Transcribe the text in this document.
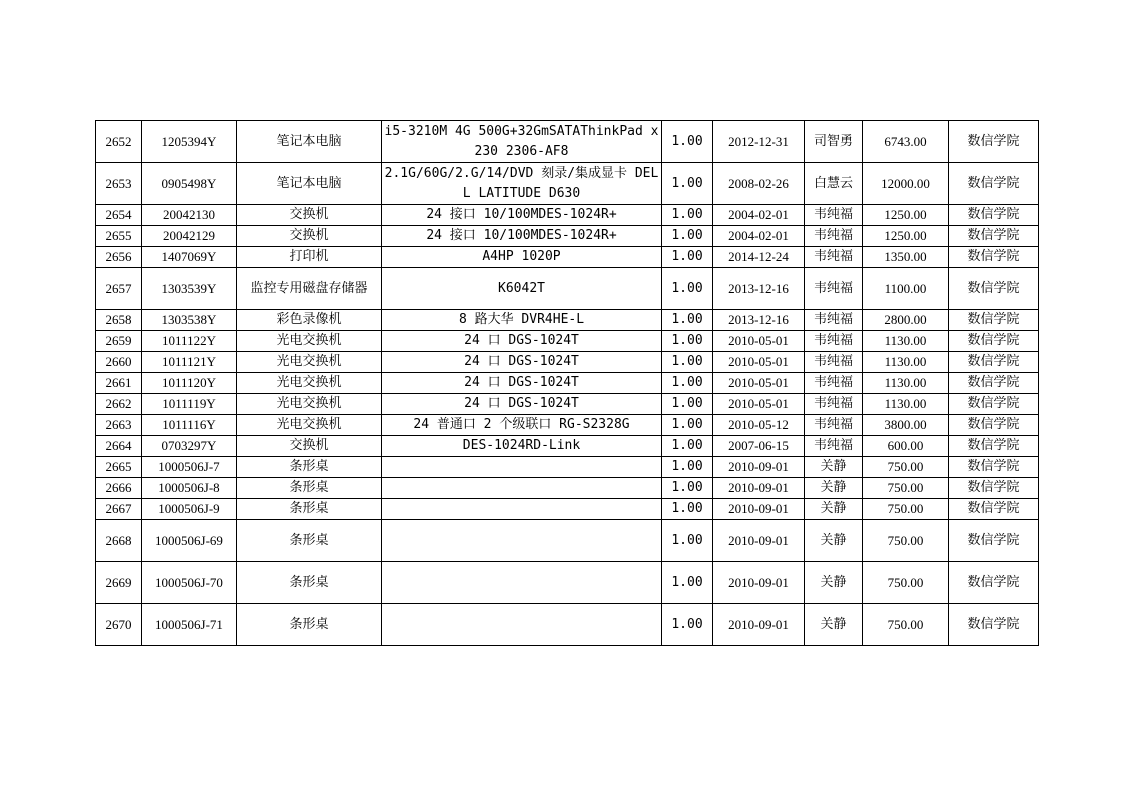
2652	1205394Y	笔记本电脑	i5-3210M 4G 500G+32GmSATAThinkPad x230 2306-AF8	1.00	2012-12-31	司智勇	6743.00	数信学院
2653	0905498Y	笔记本电脑	2.1G/60G/2.G/14/DVD 刻录/集成显卡 DELL LATITUDE D630	1.00	2008-02-26	白慧云	12000.00	数信学院
2654	20042130	交换机	24 接口 10/100MDES-1024R+	1.00	2004-02-01	韦纯福	1250.00	数信学院
2655	20042129	交换机	24 接口 10/100MDES-1024R+	1.00	2004-02-01	韦纯福	1250.00	数信学院
2656	1407069Y	打印机	A4HP 1020P	1.00	2014-12-24	韦纯福	1350.00	数信学院
2657	1303539Y	监控专用磁盘存储器	K6042T	1.00	2013-12-16	韦纯福	1100.00	数信学院
2658	1303538Y	彩色录像机	8 路大华 DVR4HE-L	1.00	2013-12-16	韦纯福	2800.00	数信学院
2659	1011122Y	光电交换机	24 口 DGS-1024T	1.00	2010-05-01	韦纯福	1130.00	数信学院
2660	1011121Y	光电交换机	24 口 DGS-1024T	1.00	2010-05-01	韦纯福	1130.00	数信学院
2661	1011120Y	光电交换机	24 口 DGS-1024T	1.00	2010-05-01	韦纯福	1130.00	数信学院
2662	1011119Y	光电交换机	24 口 DGS-1024T	1.00	2010-05-01	韦纯福	1130.00	数信学院
2663	1011116Y	光电交换机	24 普通口 2 个级联口 RG-S2328G	1.00	2010-05-12	韦纯福	3800.00	数信学院
2664	0703297Y	交换机	DES-1024RD-Link	1.00	2007-06-15	韦纯福	600.00	数信学院
2665	1000506J-7	条形桌		1.00	2010-09-01	关静	750.00	数信学院
2666	1000506J-8	条形桌		1.00	2010-09-01	关静	750.00	数信学院
2667	1000506J-9	条形桌		1.00	2010-09-01	关静	750.00	数信学院
2668	1000506J-69	条形桌		1.00	2010-09-01	关静	750.00	数信学院
2669	1000506J-70	条形桌		1.00	2010-09-01	关静	750.00	数信学院
2670	1000506J-71	条形桌		1.00	2010-09-01	关静	750.00	数信学院
